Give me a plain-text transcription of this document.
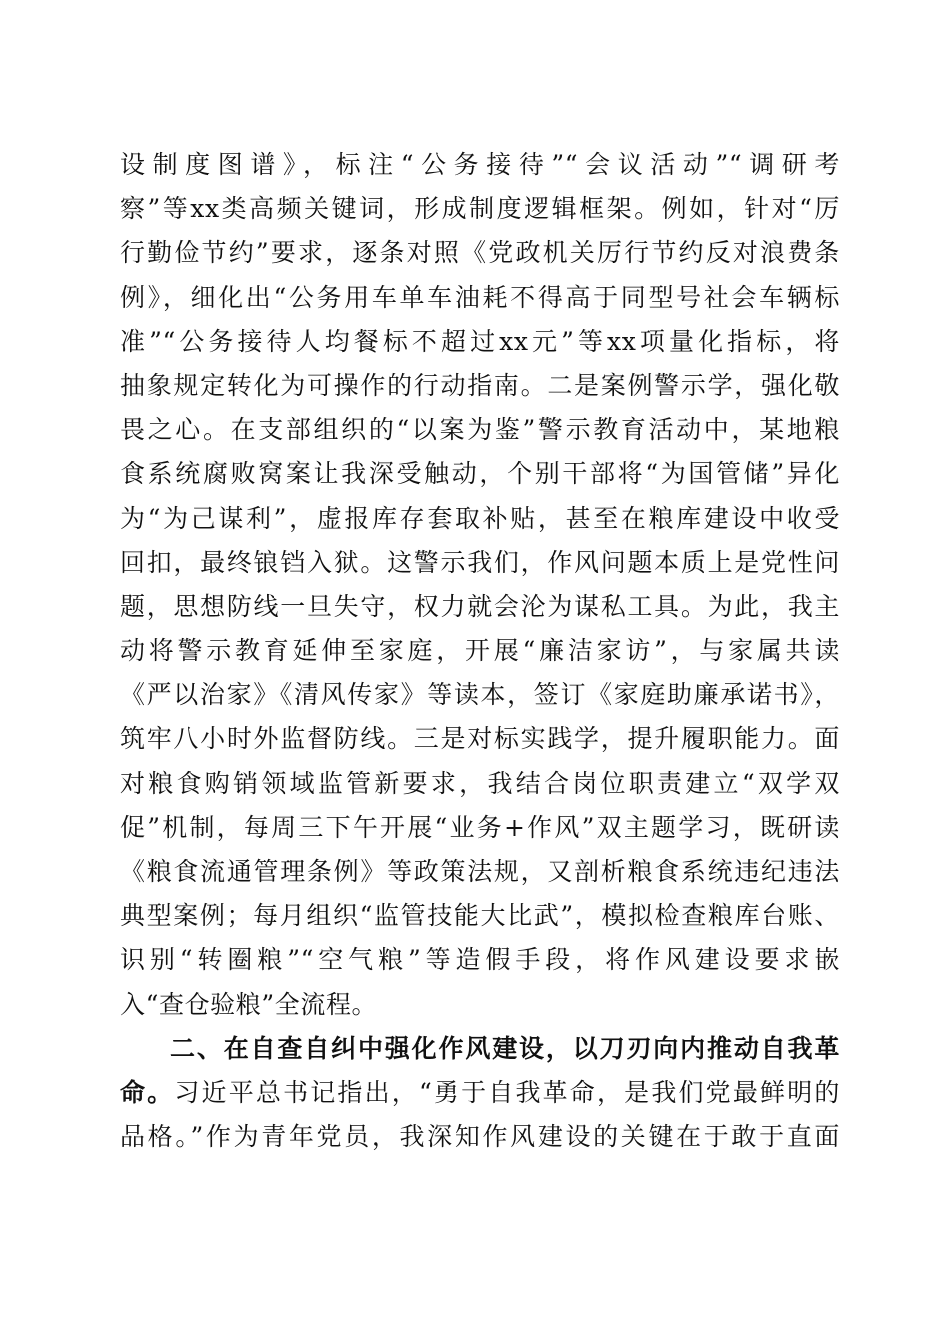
设制度图谱》，标注“公务接待”“会议活动”“调研考
察”等xx类高频关键词，形成制度逻辑框架。例如，针对“厉
行勤俭节约”要求，逐条对照《党政机关厉行节约反对浪费条
例》，细化出“公务用车单车油耗不得高于同型号社会车辆标
准”“公务接待人均餐标不超过xx元”等xx项量化指标，将
抽象规定转化为可操作的行动指南。二是案例警示学，强化敬
畏之心。在支部组织的“以案为鉴”警示教育活动中，某地粮
食系统腐败窝案让我深受触动，个别干部将“为国管储”异化
为“为己谋利”，虚报库存套取补贴，甚至在粮库建设中收受
回扣，最终锒铛入狱。这警示我们，作风问题本质上是党性问
题，思想防线一旦失守，权力就会沦为谋私工具。为此，我主
动将警示教育延伸至家庭，开展“廉洁家访”，与家属共读
《严以治家》《清风传家》等读本，签订《家庭助廉承诺书》，
筑牢八小时外监督防线。三是对标实践学，提升履职能力。面
对粮食购销领域监管新要求，我结合岗位职责建立“双学双
促”机制，每周三下午开展“业务+作风”双主题学习，既研读
《粮食流通管理条例》等政策法规，又剖析粮食系统违纪违法
典型案例；每月组织“监管技能大比武”，模拟检查粮库台账、
识别“转圈粮”“空气粮”等造假手段，将作风建设要求嵌
入“查仓验粮”全流程。
二、在自查自纠中强化作风建设，以刀刃向内推动自我革
命。习近平总书记指出，“勇于自我革命，是我们党最鲜明的
品格。”作为青年党员，我深知作风建设的关键在于敢于直面
